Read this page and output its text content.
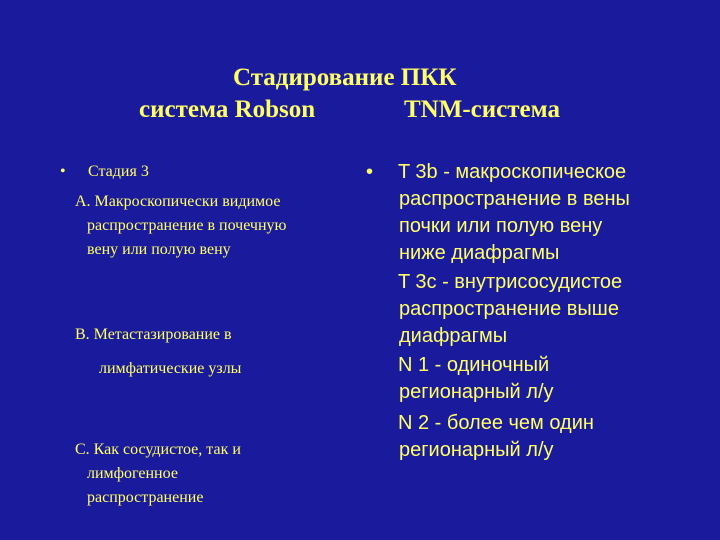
Стадирование ПКК
система Robson	TNM-система
• Стадия 3
А. Макроскопически видимое
распространение в почечную
вену или полую вену
В. Метастазирование в
лимфатические узлы
С. Как сосудистое, так и
лимфогенное
распространение
• T 3b - макроскопическое
распространение в вены
почки или полую вену
ниже диафрагмы
T 3c - внутрисосудистое
распространение выше
диафрагмы
N 1 - одиночный
регионарный л/у
N 2 - более чем один
регионарный л/у
